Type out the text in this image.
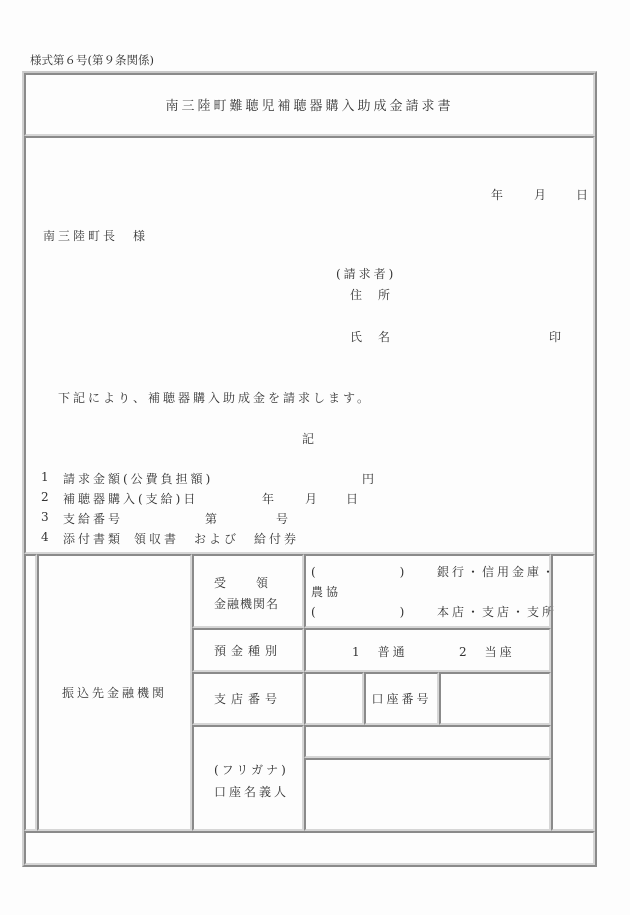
様式第６号(第９条関係)
南三陸町難聴児補聴器購入助成金請求書
年	月 日
南三陸町長　様
(請求者)
住　所
氏　名	印
下記により、補聴器購入助成金を請求します。
記
1 請求金額(公費負担額)	円
2 補聴器購入(支給)日	年	月 日
3 支給番号	第	号
4 添付書類 領収書　および　給付券
振込先金融機関
受　　領
金融機関名
(　　　　　　　)	銀行・信用金庫・
農協
(　　　　　　　)	本店・支店・支所
預金種別	1　普通	2　当座
支店番号	口座番号
(フリガナ)
口座名義人
